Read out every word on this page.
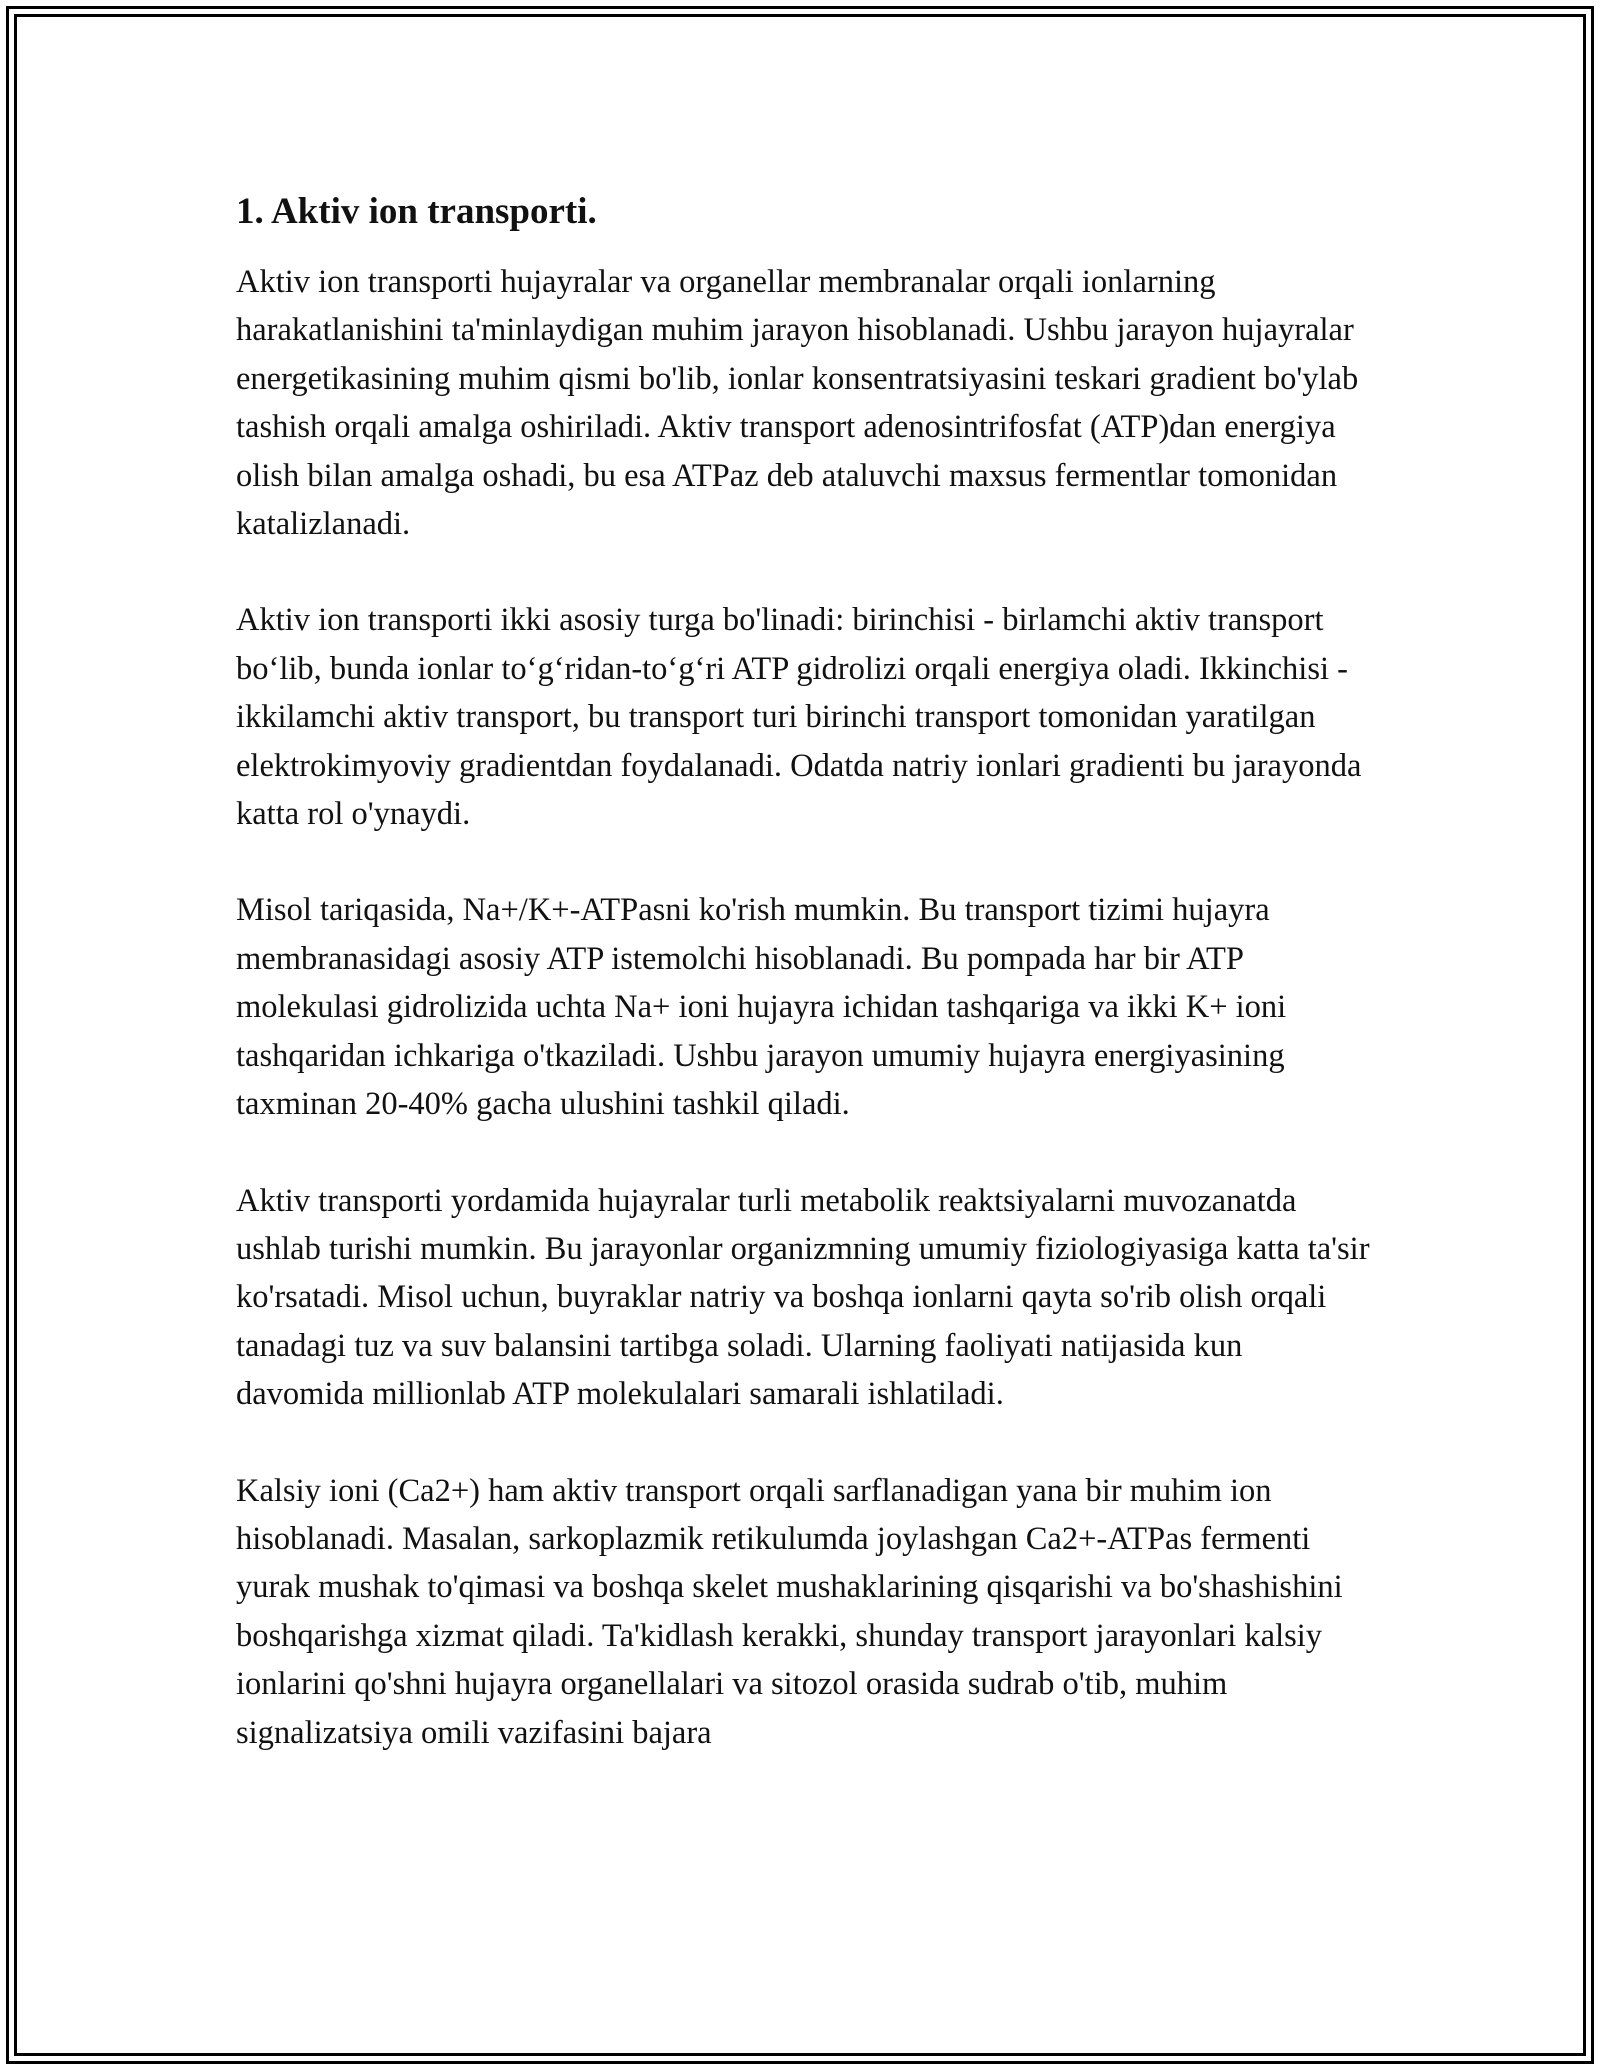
1. Aktiv ion transporti.

Aktiv ion transporti hujayralar va organellar membranalar orqali ionlarning harakatlanishini ta'minlaydigan muhim jarayon hisoblanadi. Ushbu jarayon hujayralar energetikasining muhim qismi bo'lib, ionlar konsentratsiyasini teskari gradient bo'ylab tashish orqali amalga oshiriladi. Aktiv transport adenosintrifosfat (ATP)dan energiya olish bilan amalga oshadi, bu esa ATPaz deb ataluvchi maxsus fermentlar tomonidan katalizlanadi.

Aktiv ion transporti ikki asosiy turga bo'linadi: birinchisi - birlamchi aktiv transport bo‘lib, bunda ionlar to‘g‘ridan-to‘g‘ri ATP gidrolizi orqali energiya oladi. Ikkinchisi - ikkilamchi aktiv transport, bu transport turi birinchi transport tomonidan yaratilgan elektrokimyoviy gradientdan foydalanadi. Odatda natriy ionlari gradienti bu jarayonda katta rol o'ynaydi.

Misol tariqasida, Na+/K+-ATPasni ko'rish mumkin. Bu transport tizimi hujayra membranasidagi asosiy ATP istemolchi hisoblanadi. Bu pompada har bir ATP molekulasi gidrolizida uchta Na+ ioni hujayra ichidan tashqariga va ikki K+ ioni tashqaridan ichkariga o'tkaziladi. Ushbu jarayon umumiy hujayra energiyasining taxminan 20-40% gacha ulushini tashkil qiladi.

Aktiv transporti yordamida hujayralar turli metabolik reaktsiyalarni muvozanatda ushlab turishi mumkin. Bu jarayonlar organizmning umumiy fiziologiyasiga katta ta'sir ko'rsatadi. Misol uchun, buyraklar natriy va boshqa ionlarni qayta so'rib olish orqali tanadagi tuz va suv balansini tartibga soladi. Ularning faoliyati natijasida kun davomida millionlab ATP molekulalari samarali ishlatiladi.

Kalsiy ioni (Ca2+) ham aktiv transport orqali sarflanadigan yana bir muhim ion hisoblanadi. Masalan, sarkoplazmik retikulumda joylashgan Ca2+-ATPas fermenti yurak mushak to'qimasi va boshqa skelet mushaklarining qisqarishi va bo'shashishini boshqarishga xizmat qiladi. Ta'kidlash kerakki, shunday transport jarayonlari kalsiy ionlarini qo'shni hujayra organellalari va sitozol orasida sudrab o'tib, muhim signalizatsiya omili vazifasini bajara
